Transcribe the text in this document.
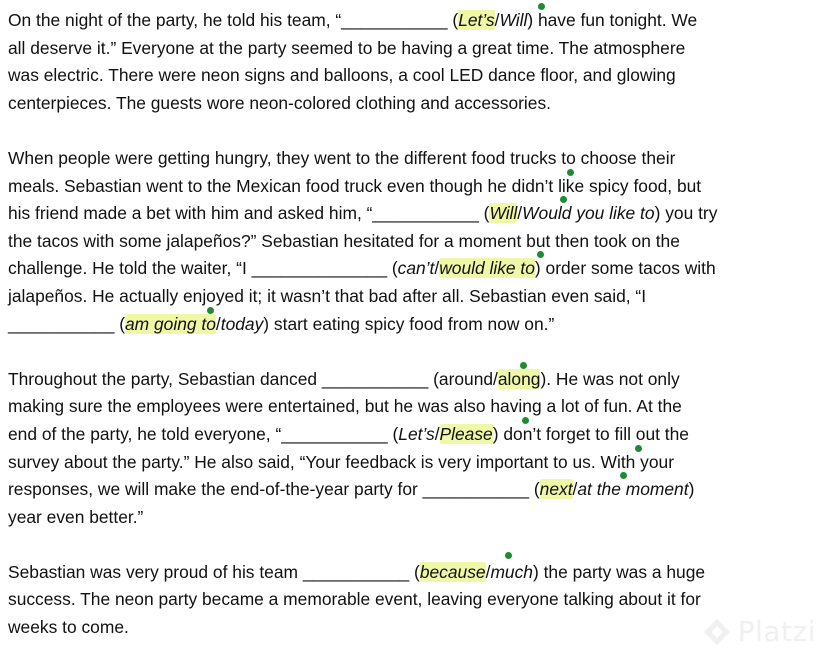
On the night of the party, he told his team, “___________ (Let’s/Will) have fun tonight. We
all deserve it.” Everyone at the party seemed to be having a great time. The atmosphere
was electric. There were neon signs and balloons, a cool LED dance floor, and glowing
centerpieces. The guests wore neon-colored clothing and accessories.
When people were getting hungry, they went to the different food trucks to choose their
meals. Sebastian went to the Mexican food truck even though he didn’t like spicy food, but
his friend made a bet with him and asked him, “___________ (Will/Would you like to) you try
the tacos with some jalapeños?” Sebastian hesitated for a moment but then took on the
challenge. He told the waiter, “I ______________ (can’t/would like to) order some tacos with
jalapeños. He actually enjoyed it; it wasn’t that bad after all. Sebastian even said, “I
___________ (am going to/today) start eating spicy food from now on.”
Throughout the party, Sebastian danced ___________ (around/along). He was not only
making sure the employees were entertained, but he was also having a lot of fun. At the
end of the party, he told everyone, “___________ (Let’s/Please) don’t forget to fill out the
survey about the party.” He also said, “Your feedback is very important to us. With your
responses, we will make the end-of-the-year party for ___________ (next/at the moment)
year even better.”
Sebastian was very proud of his team ___________ (because/much) the party was a huge
success. The neon party became a memorable event, leaving everyone talking about it for
weeks to come.	Platzi
